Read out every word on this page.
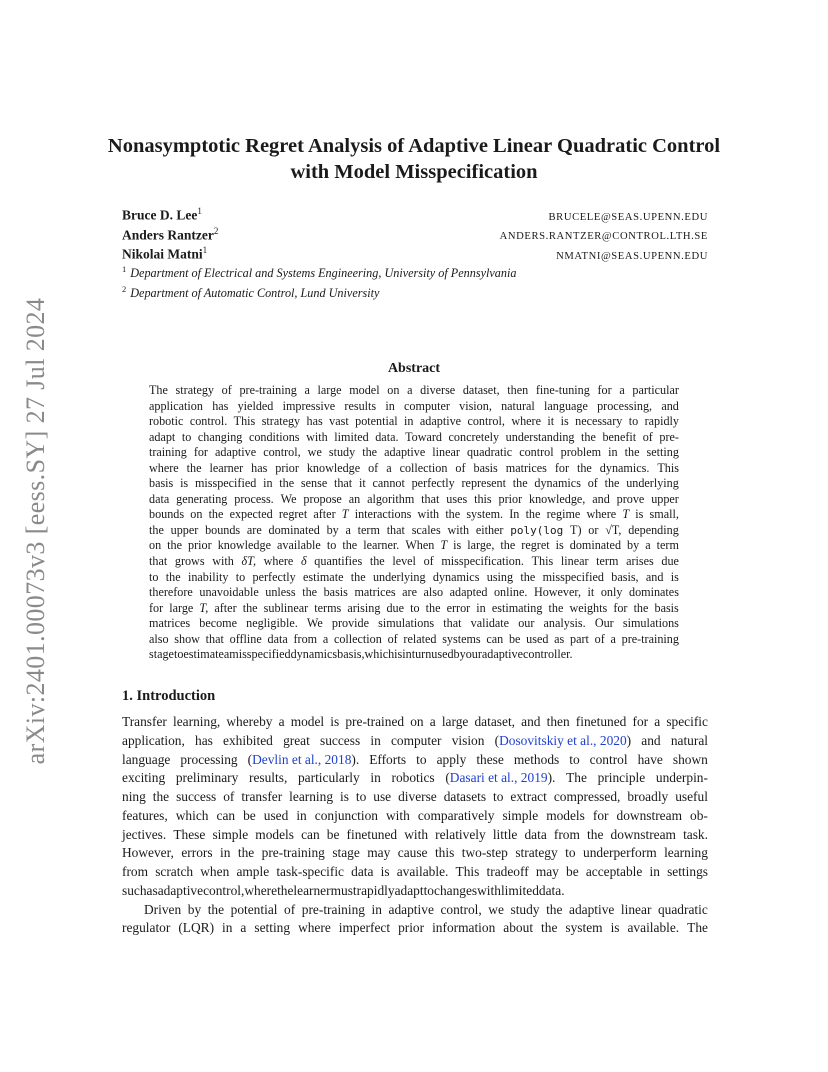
arXiv:2401.00073v3 [eess.SY] 27 Jul 2024
Nonasymptotic Regret Analysis of Adaptive Linear Quadratic Control
with Model Misspecification
Bruce D. Lee$^1$
BRUCELE@SEAS.UPENN.EDU
Anders Rantzer$^2$
ANDERS.RANTZER@CONTROL.LTH.SE
Nikolai Matni$^1$
NMATNI@SEAS.UPENN.EDU
$^1$ Department of Electrical and Systems Engineering, University of Pennsylvania
$^2$ Department of Automatic Control, Lund University
Abstract
The strategy of pre-training a large model on a diverse dataset, then fine-tuning for a particular
application has yielded impressive results in computer vision, natural language processing, and
robotic control. This strategy has vast potential in adaptive control, where it is necessary to rapidly
adapt to changing conditions with limited data. Toward concretely understanding the benefit of pre-
training for adaptive control, we study the adaptive linear quadratic control problem in the setting
where the learner has prior knowledge of a collection of basis matrices for the dynamics. This
basis is misspecified in the sense that it cannot perfectly represent the dynamics of the underlying
data generating process. We propose an algorithm that uses this prior knowledge, and prove upper
bounds on the expected regret after T interactions with the system. In the regime where T is small,
the upper bounds are dominated by a term that scales with either poly(log T) or √T, depending
on the prior knowledge available to the learner. When T is large, the regret is dominated by a term
that grows with δT, where δ quantifies the level of misspecification. This linear term arises due
to the inability to perfectly estimate the underlying dynamics using the misspecified basis, and is
therefore unavoidable unless the basis matrices are also adapted online. However, it only dominates
for large T, after the sublinear terms arising due to the error in estimating the weights for the basis
matrices become negligible. We provide simulations that validate our analysis. Our simulations
also show that offline data from a collection of related systems can be used as part of a pre-training
stage to estimate a misspecified dynamics basis, which is in turn used by our adaptive controller.
1. Introduction
Transfer learning, whereby a model is pre-trained on a large dataset, and then finetuned for a specific
application, has exhibited great success in computer vision (Dosovitskiy et al., 2020) and natural
language processing (Devlin et al., 2018). Efforts to apply these methods to control have shown
exciting preliminary results, particularly in robotics (Dasari et al., 2019). The principle underpin-
ning the success of transfer learning is to use diverse datasets to extract compressed, broadly useful
features, which can be used in conjunction with comparatively simple models for downstream ob-
jectives. These simple models can be finetuned with relatively little data from the downstream task.
However, errors in the pre-training stage may cause this two-step strategy to underperform learning
from scratch when ample task-specific data is available. This tradeoff may be acceptable in settings
such as adaptive control, where the learner must rapidly adapt to changes with limited data.
Driven by the potential of pre-training in adaptive control, we study the adaptive linear quadratic
regulator (LQR) in a setting where imperfect prior information about the system is available. The
